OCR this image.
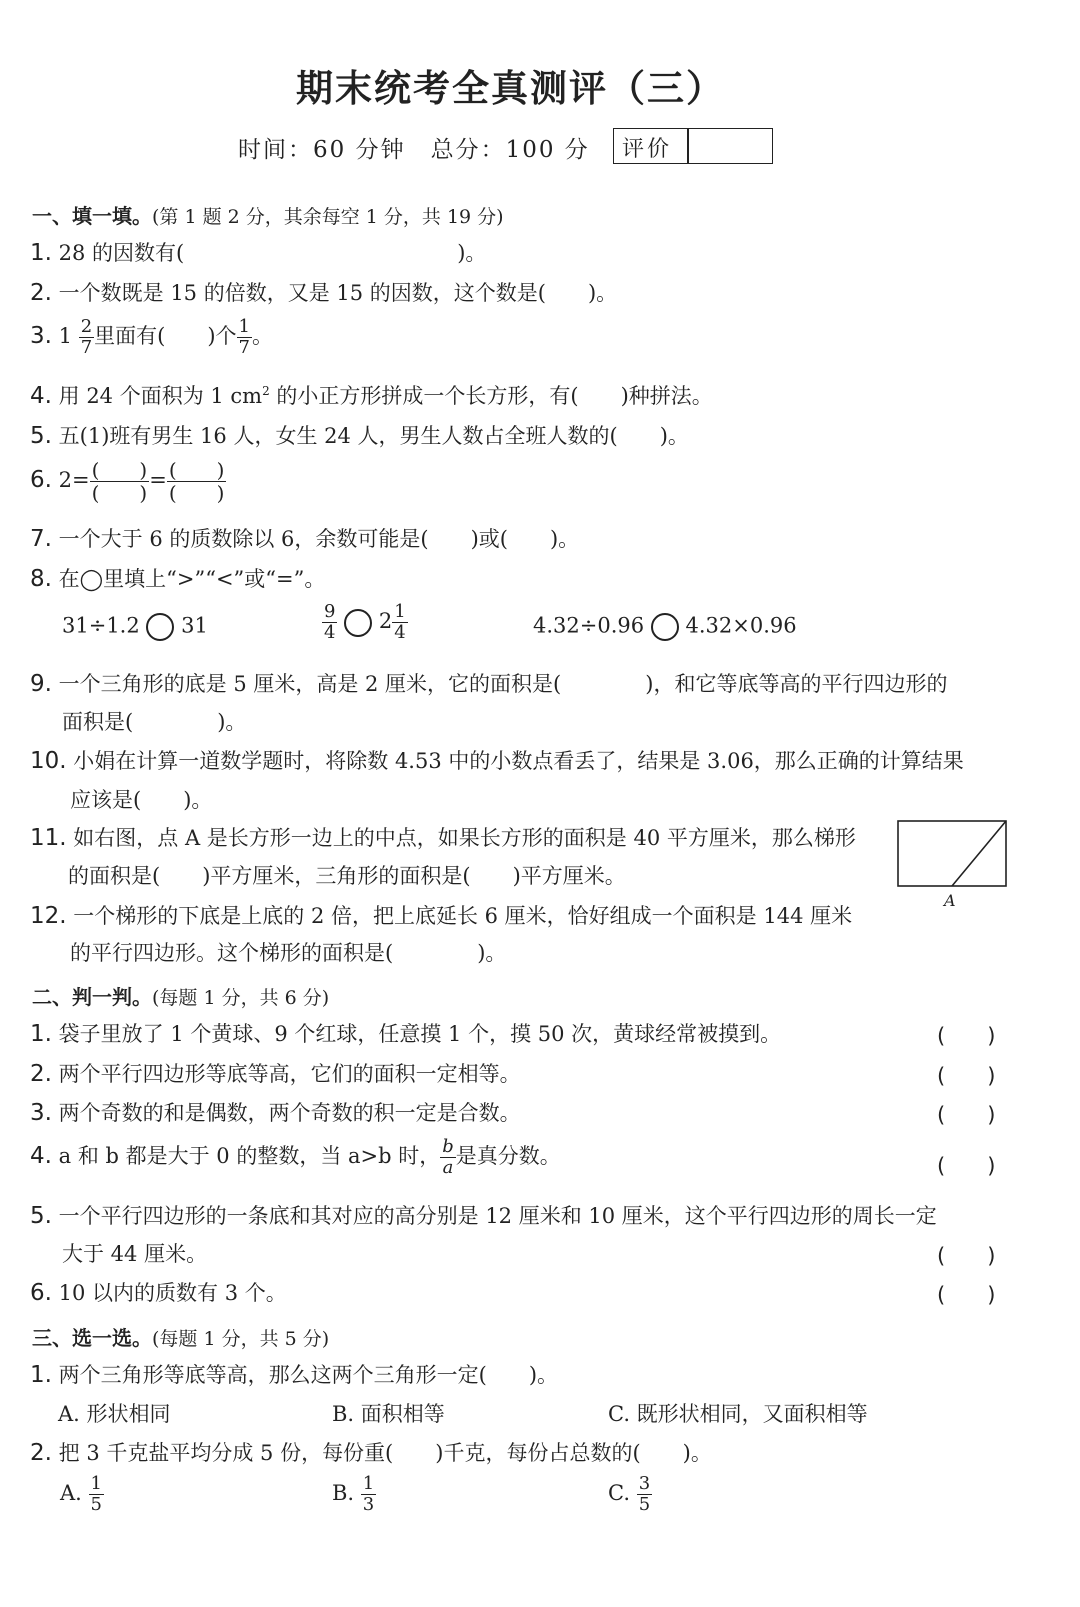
期末统考全真测评（三）
时间：60 分钟　总分：100 分 评价
一、填一填。(第 1 题 2 分，其余每空 1 分，共 19 分)
1. 28 的因数有(　　　　　　　　　　　　　)。
2. 一个数既是 15 的倍数，又是 15 的因数，这个数是(　　)。
3. $1 \frac{2}{7}$ 里面有(　　)个 $\frac{1}{7}$ 。
4. 用 24 个面积为 1 $cm^2$ 的小正方形拼成一个长方形，有(　　)种拼法。
5. 五(1)班有男生 16 人，女生 24 人，男生人数占全班人数的(　　)。
6. $2= \frac{( )}{( )} = \frac{( )}{( )}$
7. 一个大于 6 的质数除以 6，余数可能是(　　)或(　　)。
8. 在◯里填上“>”“<”或“=”。
31÷1.2 31	$\frac{9}{4} 2 \frac{1}{4}$	4.32÷0.96 4.32×0.96
9. 一个三角形的底是 5 厘米，高是 2 厘米，它的面积是(　　　　)，和它等底等高的平行四边形的
面积是(　　　　)。
10. 小娟在计算一道数学题时，将除数 4.53 中的小数点看丢了，结果是 3.06，那么正确的计算结果
应该是(　　)。
11. 如右图，点 A 是长方形一边上的中点，如果长方形的面积是 40 平方厘米，那么梯形
的面积是(　　)平方厘米，三角形的面积是(　　)平方厘米。
A
12. 一个梯形的下底是上底的 2 倍，把上底延长 6 厘米，恰好组成一个面积是 144 厘米
的平行四边形。这个梯形的面积是(　　　　)。
二、判一判。(每题 1 分，共 6 分)
1. 袋子里放了 1 个黄球、9 个红球，任意摸 1 个，摸 50 次，黄球经常被摸到。	(　　)
2. 两个平行四边形等底等高，它们的面积一定相等。	(　　)
3. 两个奇数的和是偶数，两个奇数的积一定是合数。	(　　)
4. a 和 b 都是大于 0 的整数，当 a>b 时， $\frac{b}{a}$ 是真分数。	(　　)
5. 一个平行四边形的一条底和其对应的高分别是 12 厘米和 10 厘米，这个平行四边形的周长一定
大于 44 厘米。	(　　)
6. 10 以内的质数有 3 个。	(　　)
三、选一选。(每题 1 分，共 5 分)
1. 两个三角形等底等高，那么这两个三角形一定(　　)。
A. 形状相同	B. 面积相等	C. 既形状相同，又面积相等
2. 把 3 千克盐平均分成 5 份，每份重(　　)千克，每份占总数的(　　)。
A. $\frac{1}{5}$	B. $\frac{1}{3}$	C. $\frac{3}{5}$
